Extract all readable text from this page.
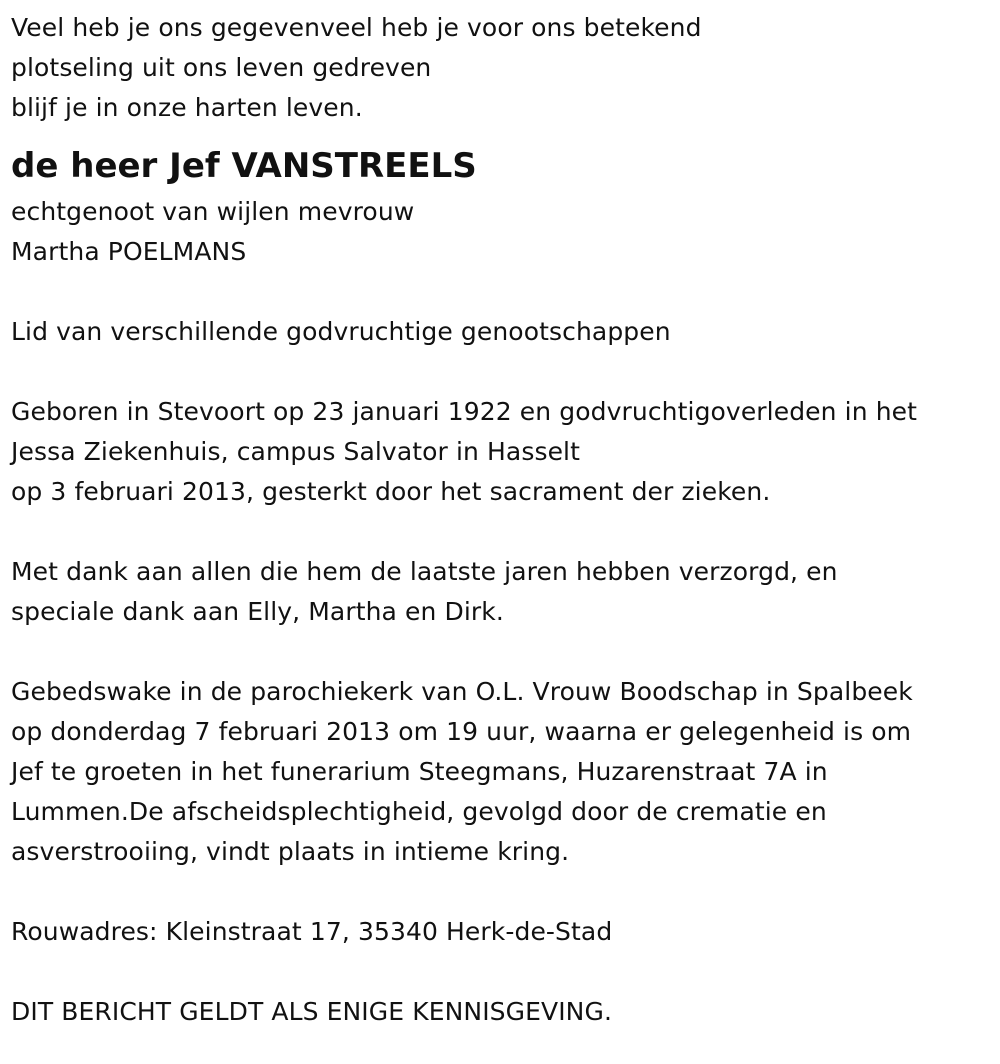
Veel heb je ons gegevenveel heb je voor ons betekend
plotseling uit ons leven gedreven
blijf je in onze harten leven.
de heer Jef VANSTREELS
echtgenoot van wijlen mevrouw
Martha POELMANS
Lid van verschillende godvruchtige genootschappen
Geboren in Stevoort op 23 januari 1922 en godvruchtigoverleden in het
Jessa Ziekenhuis, campus Salvator in Hasselt
op 3 februari 2013, gesterkt door het sacrament der zieken.
Met dank aan allen die hem de laatste jaren hebben verzorgd, en
speciale dank aan Elly, Martha en Dirk.
Gebedswake in de parochiekerk van O.L. Vrouw Boodschap in Spalbeek
op donderdag 7 februari 2013 om 19 uur, waarna er gelegenheid is om
Jef te groeten in het funerarium Steegmans, Huzarenstraat 7A in
Lummen.De afscheidsplechtigheid, gevolgd door de crematie en
asverstrooiing, vindt plaats in intieme kring.
Rouwadres: Kleinstraat 17, 35340 Herk-de-Stad
DIT BERICHT GELDT ALS ENIGE KENNISGEVING.
